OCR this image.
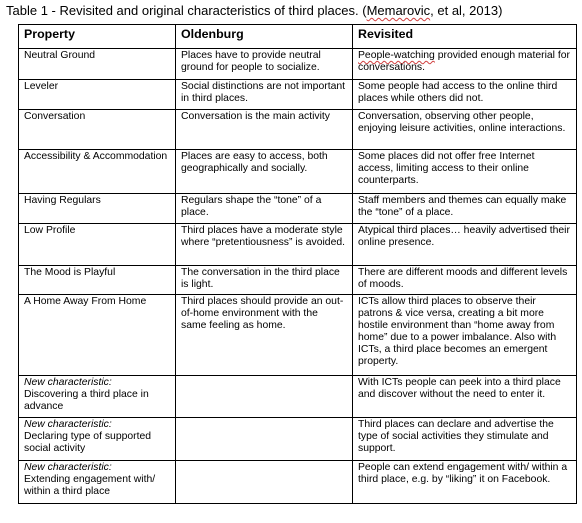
Table 1 - Revisited and original characteristics of third places. (Memarovic, et al, 2013)
Property	Oldenburg	Revisited
Neutral Ground	Places have to provide neutral ground for people to socialize.	People-watching provided enough material for conversations.
Leveler	Social distinctions are not important in third places.	Some people had access to the online third places while others did not.
Conversation	Conversation is the main activity	Conversation, observing other people, enjoying leisure activities, online interactions.
Accessibility & Accommodation	Places are easy to access, both geographically and socially.	Some places did not offer free Internet access, limiting access to their online counterparts.
Having Regulars	Regulars shape the “tone” of a place.	Staff members and themes can equally make the “tone” of a place.
Low Profile	Third places have a moderate style where “pretentiousness” is avoided.	Atypical third places… heavily advertised their online presence.
The Mood is Playful	The conversation in the third place is light.	There are different moods and different levels of moods.
A Home Away From Home	Third places should provide an out-of-home environment with the same feeling as home.	ICTs allow third places to observe their patrons & vice versa, creating a bit more hostile environment than “home away from home” due to a power imbalance. Also with ICTs, a third place becomes an emergent property.

New characteristic:
Discovering a third place in advance		With ICTs people can peek into a third place and discover without the need to enter it.

New characteristic:
Declaring type of supported social activity		Third places can declare and advertise the type of social activities they stimulate and support.

New characteristic:
Extending engagement with/ within a third place		People can extend engagement with/ within a third place, e.g. by “liking” it on Facebook.
